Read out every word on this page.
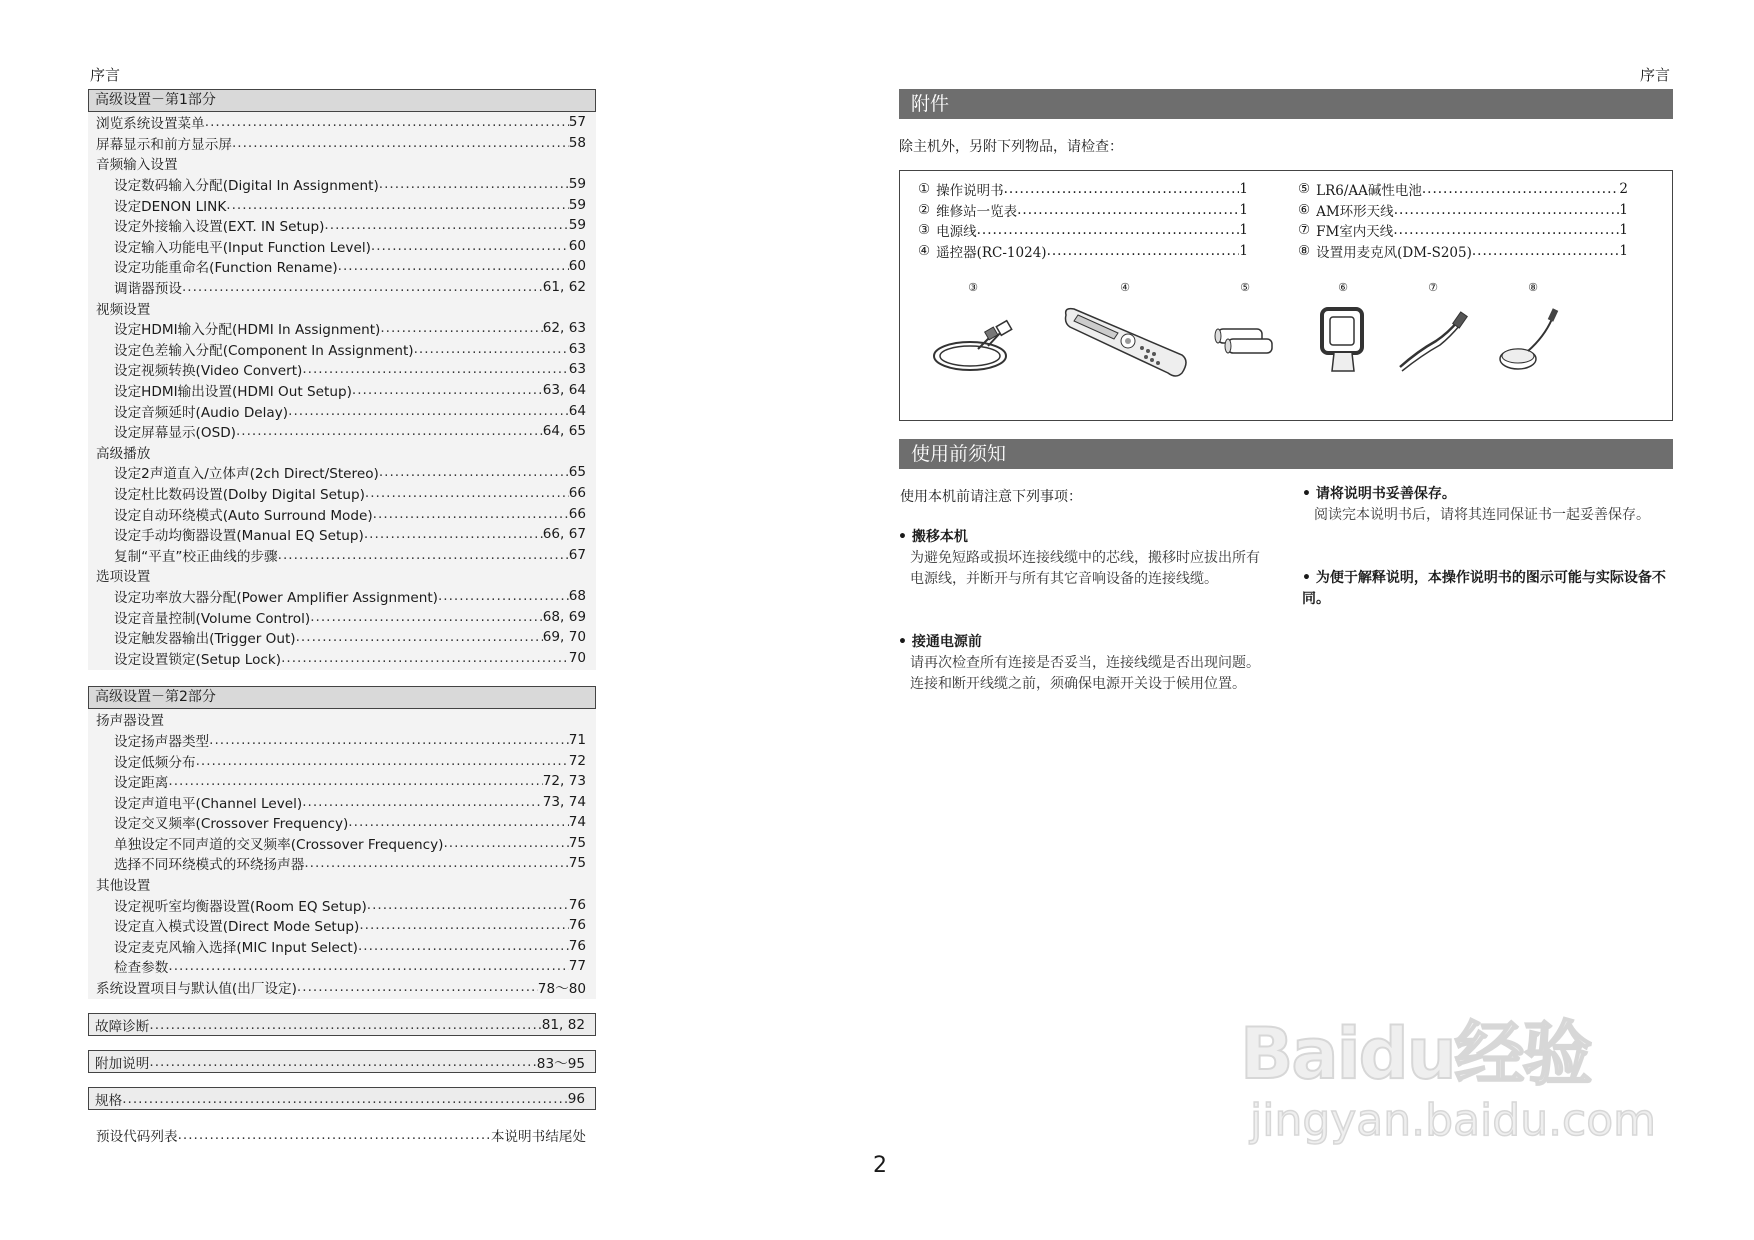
序言	序言
高级设置－第1部分
浏览系统设置菜单 .....	57
屏幕显示和前方显示屏 .....	58
音频输入设置
设定数码输入分配(Digital In Assignment) .....	59
设定DENON LINK .....	59
设定外接输入设置(EXT. IN Setup) .....	59
设定输入功能电平(Input Function Level) .....	60
设定功能重命名(Function Rename) .....	60
调谐器预设 .....	61, 62
视频设置
设定HDMI输入分配(HDMI In Assignment) .....	62, 63
设定色差输入分配(Component In Assignment) .....	63
设定视频转换(Video Convert) .....	63
设定HDMI输出设置(HDMI Out Setup) .....	63, 64
设定音频延时(Audio Delay) .....	64
设定屏幕显示(OSD) .....	64, 65
高级播放
设定2声道直入/立体声(2ch Direct/Stereo) .....	65
设定杜比数码设置(Dolby Digital Setup) .....	66
设定自动环绕模式(Auto Surround Mode) .....	66
设定手动均衡器设置(Manual EQ Setup) .....	66, 67
复制“平直”校正曲线的步骤 .....	67
选项设置
设定功率放大器分配(Power Amplifier Assignment) .....	68
设定音量控制(Volume Control) .....	68, 69
设定触发器输出(Trigger Out) .....	69, 70
设定设置锁定(Setup Lock) .....	70
高级设置－第2部分
扬声器设置
设定扬声器类型 .....	71
设定低频分布 .....	72
设定距离 .....	72, 73
设定声道电平(Channel Level) .....	73, 74
设定交叉频率(Crossover Frequency) .....	74
单独设定不同声道的交叉频率(Crossover Frequency) .....	75
选择不同环绕模式的环绕扬声器 .....	75
其他设置
设定视听室均衡器设置(Room EQ Setup) .....	76
设定直入模式设置(Direct Mode Setup) .....	76
设定麦克风输入选择(MIC Input Select) .....	76
检查参数 .....	77
系统设置项目与默认值(出厂设定) .....	78～80
故障诊断 .....	81, 82
附加说明 .....	83～95
规格 .....	96
预设代码列表 .....	本说明书结尾处
附件
除主机外，另附下列物品，请检查：
① 操作说明书 .....	1
② 维修站一览表 .....	1
③ 电源线 .....	1
④ 遥控器(RC-1024) .....	1
⑤ LR6/AA碱性电池 .....	2
⑥ AM环形天线 .....	1
⑦ FM室内天线 .....	1
⑧ 设置用麦克风(DM-S205) .....	1
③	④	⑤	⑥	⑦	⑧
使用前须知
使用本机前请注意下列事项：
• 搬移本机
为避免短路或损坏连接线缆中的芯线，搬移时应拔出所有电源线，并断开与所有其它音响设备的连接线缆。
• 接通电源前
请再次检查所有连接是否妥当，连接线缆是否出现问题。连接和断开线缆之前，须确保电源开关设于候用位置。
• 请将说明书妥善保存。
阅读完本说明书后，请将其连同保证书一起妥善保存。
• 为便于解释说明，本操作说明书的图示可能与实际设备不同。
2
Baidu经验
jingyan.baidu.com
